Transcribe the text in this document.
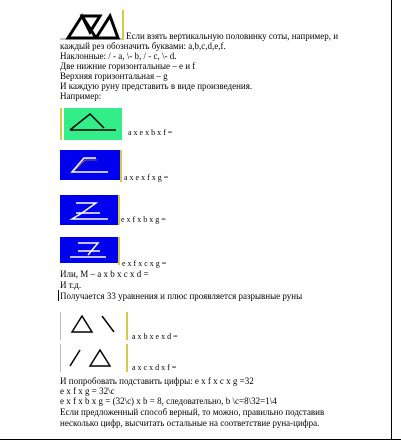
Если взять вертикальную половинку соты, например, и
каждый рез обозначить буквами: a,b,c,d,e,f.
Наклонные: / - a, \- b, / - c, \- d.
Две нижние горизонтальные – e и f
Верхняя горизонтальная – g
И каждую руну представить в виде произведения.
Например:
a x e x b x f =
a x e x f x g =
e x f x b x g =
e x f x c x g =
Или, M – a x b x c x d =
И т.д.
Получается 33 уравнения и плюс проявляется разрывные руны
a x b x e x d =
a x c x d x f =
И попробовать подставить цифры: e x f x c x g =32
e x f x g = 32\c
e x f x b x g = (32\c) x b = 8, следовательно, b \c=8\32=1\4
Если предложенный способ верный, то можно, правильно подставив
несколько цифр, высчитать остальные на соответствие руна-цифра.
